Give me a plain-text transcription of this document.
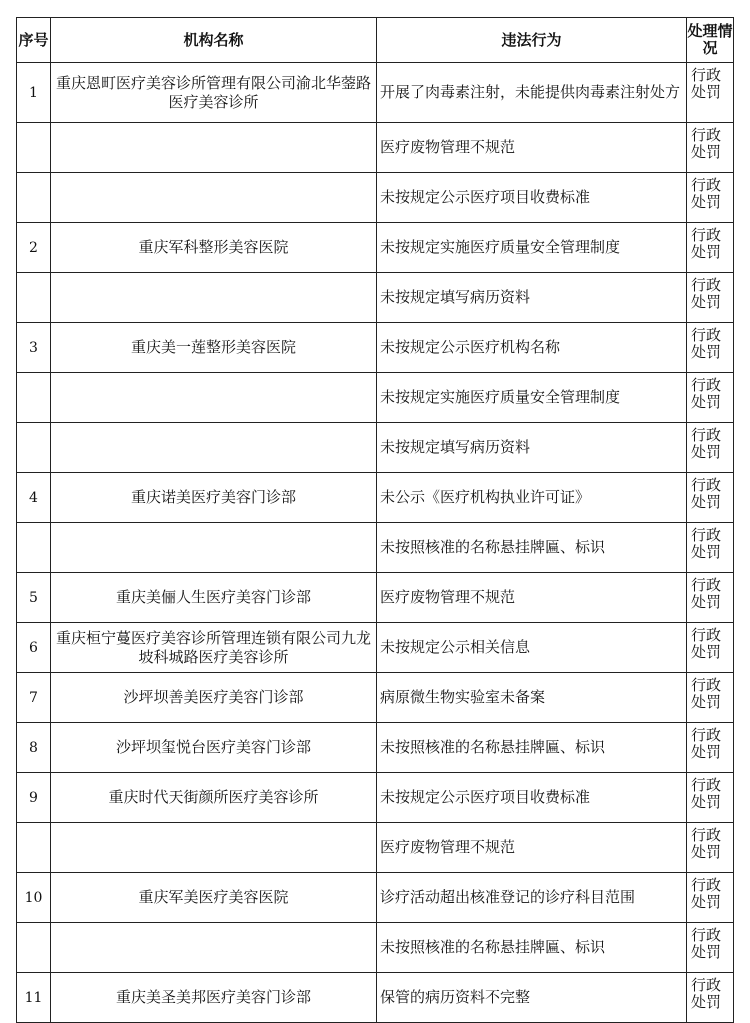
序号	机构名称	违法行为	处理情况
1	重庆恩町医疗美容诊所管理有限公司渝北华蓥路医疗美容诊所	开展了肉毒素注射，未能提供肉毒素注射处方	行政处罚
		医疗废物管理不规范	行政处罚
		未按规定公示医疗项目收费标准	行政处罚
2	重庆军科整形美容医院	未按规定实施医疗质量安全管理制度	行政处罚
		未按规定填写病历资料	行政处罚
3	重庆美一莲整形美容医院	未按规定公示医疗机构名称	行政处罚
		未按规定实施医疗质量安全管理制度	行政处罚
		未按规定填写病历资料	行政处罚
4	重庆诺美医疗美容门诊部	未公示《医疗机构执业许可证》	行政处罚
		未按照核准的名称悬挂牌匾、标识	行政处罚
5	重庆美俪人生医疗美容门诊部	医疗废物管理不规范	行政处罚
6	重庆桓宁蔓医疗美容诊所管理连锁有限公司九龙坡科城路医疗美容诊所	未按规定公示相关信息	行政处罚
7	沙坪坝善美医疗美容门诊部	病原微生物实验室未备案	行政处罚
8	沙坪坝玺悦台医疗美容门诊部	未按照核准的名称悬挂牌匾、标识	行政处罚
9	重庆时代天街颜所医疗美容诊所	未按规定公示医疗项目收费标准	行政处罚
		医疗废物管理不规范	行政处罚
10	重庆军美医疗美容医院	诊疗活动超出核准登记的诊疗科目范围	行政处罚
		未按照核准的名称悬挂牌匾、标识	行政处罚
11	重庆美圣美邦医疗美容门诊部	保管的病历资料不完整	行政处罚
